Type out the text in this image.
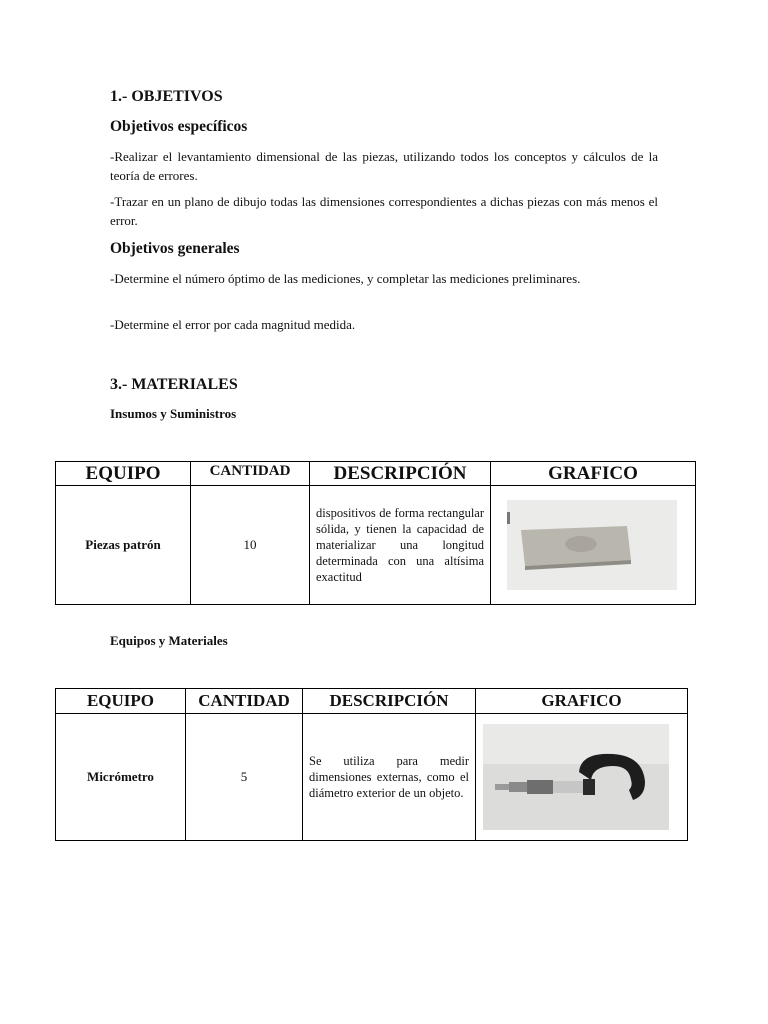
1.- OBJETIVOS
Objetivos específicos
-Realizar el levantamiento dimensional de las piezas, utilizando todos los conceptos y cálculos de la teoría de errores.
-Trazar en un plano de dibujo todas las dimensiones correspondientes a dichas piezas con más menos el error.
Objetivos generales
-Determine el número óptimo de las mediciones, y completar las mediciones preliminares.
-Determine el error por cada magnitud medida.
3.- MATERIALES
Insumos y Suministros
EQUIPO	CANTIDAD	DESCRIPCIÓN	GRAFICO
Piezas patrón	10	dispositivos de forma rectangular sólida, y tienen la capacidad de materializar una longitud determinada con una altísima exactitud

Equipos y Materiales
EQUIPO	CANTIDAD	DESCRIPCIÓN	GRAFICO
Micrómetro	5	Se utiliza para medir dimensiones externas, como el diámetro exterior de un objeto.
